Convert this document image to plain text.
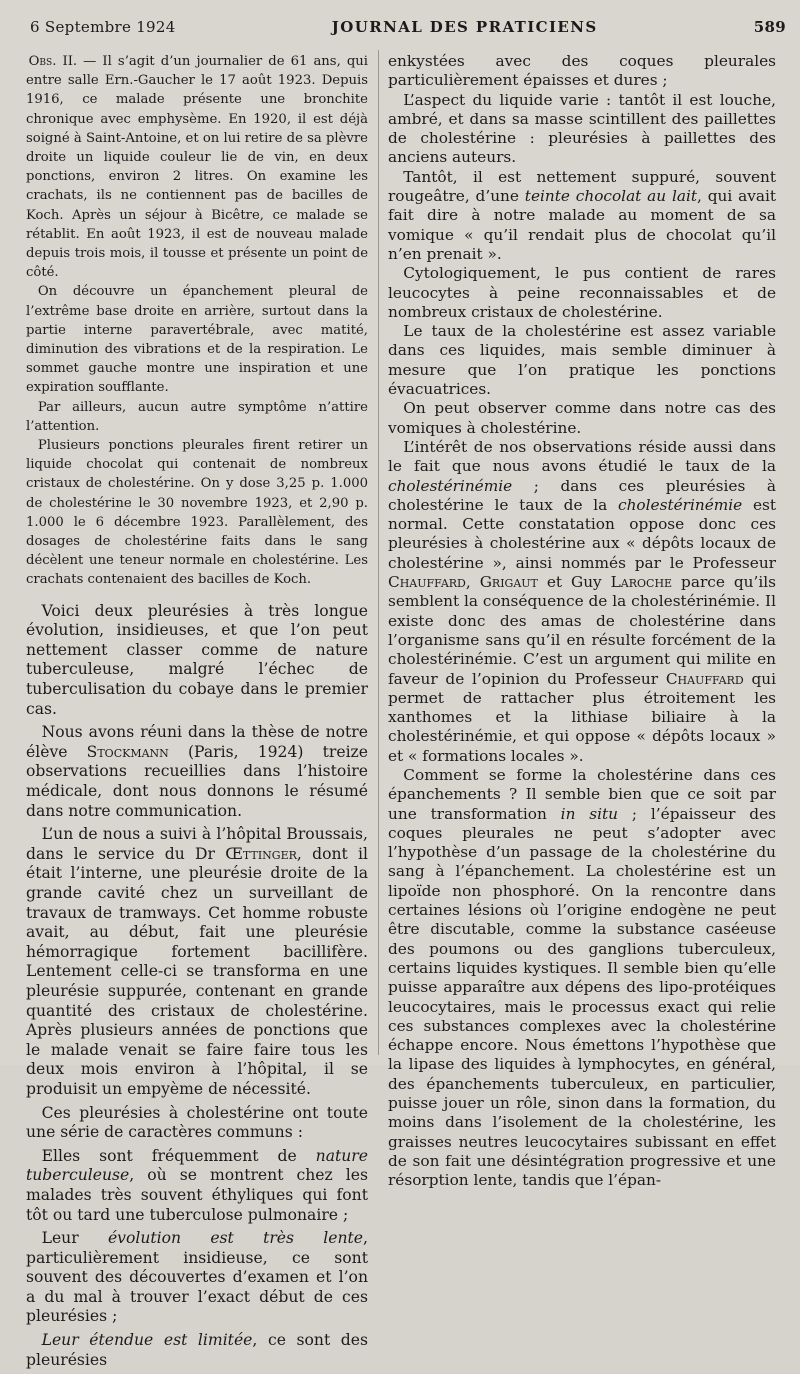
6 Septembre 1924	JOURNAL DES PRATICIENS	589

Obs. II. — Il s’agit d’un journalier de 61 ans, qui entre salle Ern.-Gaucher le 17 août 1923. Depuis 1916, ce malade présente une bronchite chronique avec emphysème. En 1920, il est déjà soigné à Saint-Antoine, et on lui retire de sa plèvre droite un liquide couleur lie de vin, en deux ponctions, environ 2 litres. On examine les crachats, ils ne contiennent pas de bacilles de Koch. Après un séjour à Bicêtre, ce malade se rétablit. En août 1923, il est de nouveau malade depuis trois mois, il tousse et présente un point de côté.

On découvre un épanchement pleural de l’extrême base droite en arrière, surtout dans la partie interne paravertébrale, avec matité, diminution des vibrations et de la respiration. Le sommet gauche montre une inspiration et une expiration soufflante.

Par ailleurs, aucun autre symptôme n’attire l’attention.

Plusieurs ponctions pleurales firent retirer un liquide chocolat qui contenait de nombreux cristaux de cholestérine. On y dose 3,25 p. 1.000 de cholestérine le 30 novembre 1923, et 2,90 p. 1.000 le 6 décembre 1923. Parallèlement, des dosages de cholestérine faits dans le sang décèlent une teneur normale en cholestérine. Les crachats contenaient des bacilles de Koch.

Voici deux pleurésies à très longue évolution, insidieuses, et que l’on peut nettement classer comme de nature tuberculeuse, malgré l’échec de tuberculisation du cobaye dans le premier cas.

Nous avons réuni dans la thèse de notre élève Stockmann (Paris, 1924) treize observations recueillies dans l’histoire médicale, dont nous donnons le résumé dans notre communication.

L’un de nous a suivi à l’hôpital Broussais, dans le service du Dr Œttinger, dont il était l’interne, une pleurésie droite de la grande cavité chez un surveillant de travaux de tramways. Cet homme robuste avait, au début, fait une pleurésie hémorragique fortement bacillifère. Lentement celle-ci se transforma en une pleurésie suppurée, contenant en grande quantité des cristaux de cholestérine. Après plusieurs années de ponctions que le malade venait se faire faire tous les deux mois environ à l’hôpital, il se produisit un empyème de nécessité.

Ces pleurésies à cholestérine ont toute une série de caractères communs :

Elles sont fréquemment de nature tuberculeuse, où se montrent chez les malades très souvent éthyliques qui font tôt ou tard une tuberculose pulmonaire ;

Leur évolution est très lente, particulièrement insidieuse, ce sont souvent des découvertes d’examen et l’on a du mal à trouver l’exact début de ces pleurésies ;

Leur étendue est limitée, ce sont des pleurésies

enkystées avec des coques pleurales particulièrement épaisses et dures ;

L’aspect du liquide varie : tantôt il est louche, ambré, et dans sa masse scintillent des paillettes de cholestérine : pleurésies à paillettes des anciens auteurs.

Tantôt, il est nettement suppuré, souvent rougeâtre, d’une teinte chocolat au lait, qui avait fait dire à notre malade au moment de sa vomique « qu’il rendait plus de chocolat qu’il n’en prenait ».

Cytologiquement, le pus contient de rares leucocytes à peine reconnaissables et de nombreux cristaux de cholestérine.

Le taux de la cholestérine est assez variable dans ces liquides, mais semble diminuer à mesure que l’on pratique les ponctions évacuatrices.

On peut observer comme dans notre cas des vomiques à cholestérine.

L’intérêt de nos observations réside aussi dans le fait que nous avons étudié le taux de la cholestérinémie ; dans ces pleurésies à cholestérine le taux de la cholestérinémie est normal. Cette constatation oppose donc ces pleurésies à cholestérine aux « dépôts locaux de cholestérine », ainsi nommés par le Professeur Chauffard, Grigaut et Guy Laroche parce qu’ils semblent la conséquence de la cholestérinémie. Il existe donc des amas de cholestérine dans l’organisme sans qu’il en résulte forcément de la cholestérinémie. C’est un argument qui milite en faveur de l’opinion du Professeur Chauffard qui permet de rattacher plus étroitement les xanthomes et la lithiase biliaire à la cholestérinémie, et qui oppose « dépôts locaux » et « formations locales ».

Comment se forme la cholestérine dans ces épanchements ? Il semble bien que ce soit par une transformation in situ ; l’épaisseur des coques pleurales ne peut s’adopter avec l’hypothèse d’un passage de la cholestérine du sang à l’épanchement. La cholestérine est un lipoïde non phosphoré. On la rencontre dans certaines lésions où l’origine endogène ne peut être discutable, comme la substance caséeuse des poumons ou des ganglions tuberculeux, certains liquides kystiques. Il semble bien qu’elle puisse apparaître aux dépens des lipo-protéiques leucocytaires, mais le processus exact qui relie ces substances complexes avec la cholestérine échappe encore. Nous émettons l’hypothèse que la lipase des liquides à lymphocytes, en général, des épanchements tuberculeux, en particulier, puisse jouer un rôle, sinon dans la formation, du moins dans l’isolement de la cholestérine, les graisses neutres leucocytaires subissant en effet de son fait une désintégration progressive et une résorption lente, tandis que l’épan-
